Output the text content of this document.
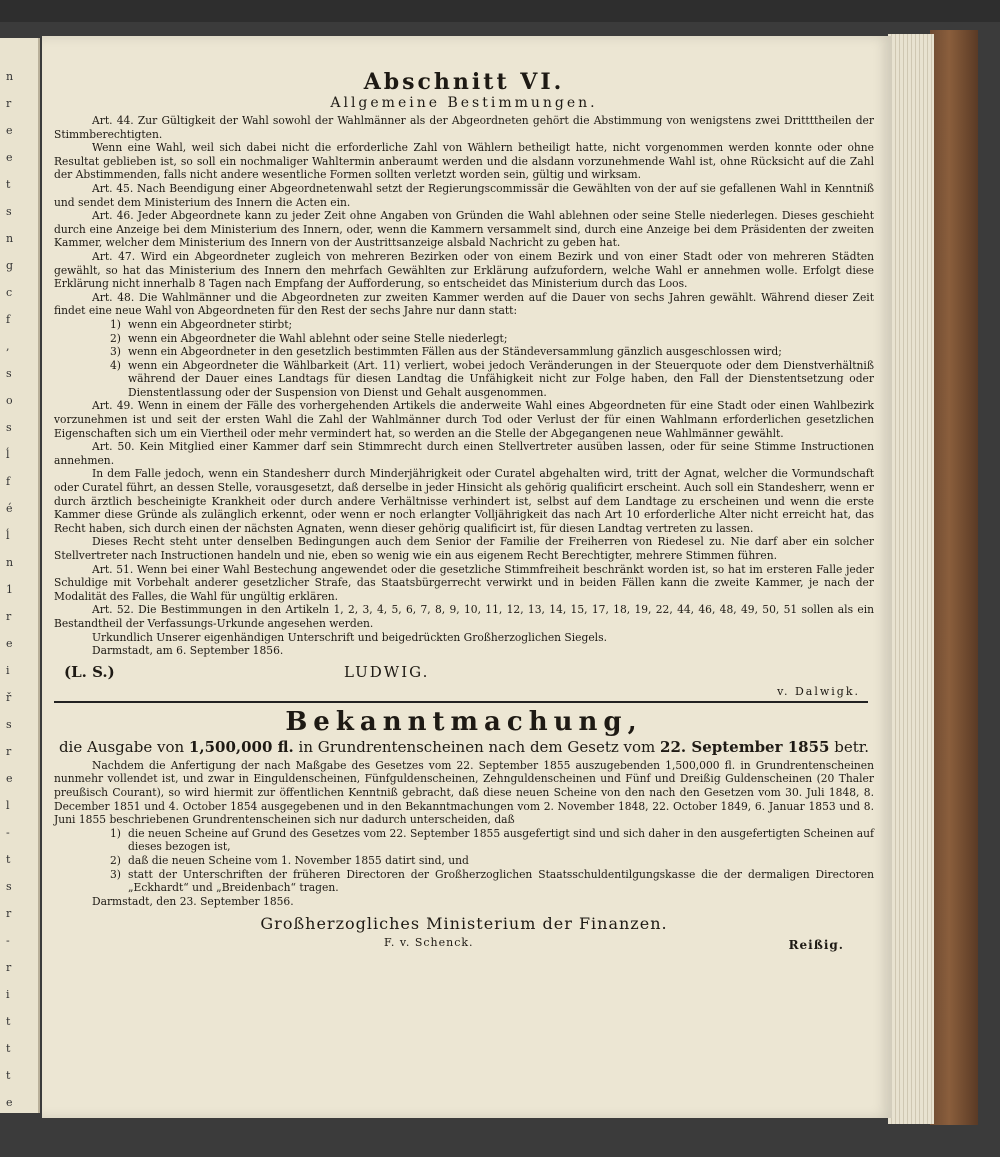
n
r
e
e
t
s
n
g
c
f
,
s
o
s
ĺ
f
é
ĺ
n
1
r
e
i
ř
s
r
e
l
-
t
s
r
-
r
i
t
t
t
e
Abschnitt VI.
Allgemeine Bestimmungen.

Art. 44. Zur Gültigkeit der Wahl sowohl der Wahlmänner als der Abgeordneten gehört die Abstimmung von wenigstens zwei Drittttheilen der Stimmberechtigten.

Wenn eine Wahl, weil sich dabei nicht die erforderliche Zahl von Wählern betheiligt hatte, nicht vorgenommen werden konnte oder ohne Resultat geblieben ist, so soll ein nochmaliger Wahltermin anberaumt werden und die alsdann vorzunehmende Wahl ist, ohne Rücksicht auf die Zahl der Abstimmenden, falls nicht andere wesentliche Formen sollten verletzt worden sein, gültig und wirksam.

Art. 45. Nach Beendigung einer Abgeordnetenwahl setzt der Regierungscommissär die Gewählten von der auf sie gefallenen Wahl in Kenntniß und sendet dem Ministerium des Innern die Acten ein.

Art. 46. Jeder Abgeordnete kann zu jeder Zeit ohne Angaben von Gründen die Wahl ablehnen oder seine Stelle niederlegen. Dieses geschieht durch eine Anzeige bei dem Ministerium des Innern, oder, wenn die Kammern versammelt sind, durch eine Anzeige bei dem Präsidenten der zweiten Kammer, welcher dem Ministerium des Innern von der Austrittsanzeige alsbald Nachricht zu geben hat.

Art. 47. Wird ein Abgeordneter zugleich von mehreren Bezirken oder von einem Bezirk und von einer Stadt oder von mehreren Städten gewählt, so hat das Ministerium des Innern den mehrfach Gewählten zur Erklärung aufzufordern, welche Wahl er annehmen wolle. Erfolgt diese Erklärung nicht innerhalb 8 Tagen nach Empfang der Aufforderung, so entscheidet das Ministerium durch das Loos.

Art. 48. Die Wahlmänner und die Abgeordneten zur zweiten Kammer werden auf die Dauer von sechs Jahren gewählt. Während dieser Zeit findet eine neue Wahl von Abgeordneten für den Rest der sechs Jahre nur dann statt:

1) wenn ein Abgeordneter stirbt;
2) wenn ein Abgeordneter die Wahl ablehnt oder seine Stelle niederlegt;
3) wenn ein Abgeordneter in den gesetzlich bestimmten Fällen aus der Ständeversammlung gänzlich ausgeschlossen wird;
4) wenn ein Abgeordneter die Wählbarkeit (Art. 11) verliert, wobei jedoch Veränderungen in der Steuerquote oder dem Dienstverhältniß während der Dauer eines Landtags für diesen Landtag die Unfähigkeit nicht zur Folge haben, den Fall der Dienstentsetzung oder Dienstentlassung oder der Suspension von Dienst und Gehalt ausgenommen.

Art. 49. Wenn in einem der Fälle des vorhergehenden Artikels die anderweite Wahl eines Abgeordneten für eine Stadt oder einen Wahlbezirk vorzunehmen ist und seit der ersten Wahl die Zahl der Wahlmänner durch Tod oder Verlust der für einen Wahlmann erforderlichen gesetzlichen Eigenschaften sich um ein Viertheil oder mehr vermindert hat, so werden an die Stelle der Abgegangenen neue Wahlmänner gewählt.

Art. 50. Kein Mitglied einer Kammer darf sein Stimmrecht durch einen Stellvertreter ausüben lassen, oder für seine Stimme Instructionen annehmen.

In dem Falle jedoch, wenn ein Standesherr durch Minderjährigkeit oder Curatel abgehalten wird, tritt der Agnat, welcher die Vormundschaft oder Curatel führt, an dessen Stelle, vorausgesetzt, daß derselbe in jeder Hinsicht als gehörig qualificirt erscheint. Auch soll ein Standesherr, wenn er durch ärztlich bescheinigte Krankheit oder durch andere Verhältnisse verhindert ist, selbst auf dem Landtage zu erscheinen und wenn die erste Kammer diese Gründe als zulänglich erkennt, oder wenn er noch erlangter Volljährigkeit das nach Art 10 erforderliche Alter nicht erreicht hat, das Recht haben, sich durch einen der nächsten Agnaten, wenn dieser gehörig qualificirt ist, für diesen Landtag vertreten zu lassen.

Dieses Recht steht unter denselben Bedingungen auch dem Senior der Familie der Freiherren von Riedesel zu. Nie darf aber ein solcher Stellvertreter nach Instructionen handeln und nie, eben so wenig wie ein aus eigenem Recht Berechtigter, mehrere Stimmen führen.

Art. 51. Wenn bei einer Wahl Bestechung angewendet oder die gesetzliche Stimmfreiheit beschränkt worden ist, so hat im ersteren Falle jeder Schuldige mit Vorbehalt anderer gesetzlicher Strafe, das Staatsbürgerrecht verwirkt und in beiden Fällen kann die zweite Kammer, je nach der Modalität des Falles, die Wahl für ungültig erklären.

Art. 52. Die Bestimmungen in den Artikeln 1, 2, 3, 4, 5, 6, 7, 8, 9, 10, 11, 12, 13, 14, 15, 17, 18, 19, 22, 44, 46, 48, 49, 50, 51 sollen als ein Bestandtheil der Verfassungs-Urkunde angesehen werden.

Urkundlich Unserer eigenhändigen Unterschrift und beigedrückten Großherzoglichen Siegels.

Darmstadt, am 6. September 1856.

(L. S.)	LUDWIG.
v. Dalwigk.
Bekanntmachung,
die Ausgabe von 1,500,000 fl. in Grundrentenscheinen nach dem Gesetz vom 22. September 1855 betr.

Nachdem die Anfertigung der nach Maßgabe des Gesetzes vom 22. September 1855 auszugebenden 1,500,000 fl. in Grundrentenscheinen nunmehr vollendet ist, und zwar in Einguldenscheinen, Fünfguldenscheinen, Zehnguldenscheinen und Fünf und Dreißig Guldenscheinen (20 Thaler preußisch Courant), so wird hiermit zur öffentlichen Kenntniß gebracht, daß diese neuen Scheine von den nach den Gesetzen vom 30. Juli 1848, 8. December 1851 und 4. October 1854 ausgegebenen und in den Bekanntmachungen vom 2. November 1848, 22. October 1849, 6. Januar 1853 und 8. Juni 1855 beschriebenen Grundrentenscheinen sich nur dadurch unterscheiden, daß

1) die neuen Scheine auf Grund des Gesetzes vom 22. September 1855 ausgefertigt sind und sich daher in den ausgefertigten Scheinen auf dieses bezogen ist,
2) daß die neuen Scheine vom 1. November 1855 datirt sind, und
3) statt der Unterschriften der früheren Directoren der Großherzoglichen Staatsschuldentilgungskasse die der dermaligen Directoren „Eckhardt“ und „Breidenbach“ tragen.

Darmstadt, den 23. September 1856.

Großherzogliches Ministerium der Finanzen.
F. v. Schenck.	Reißig.
